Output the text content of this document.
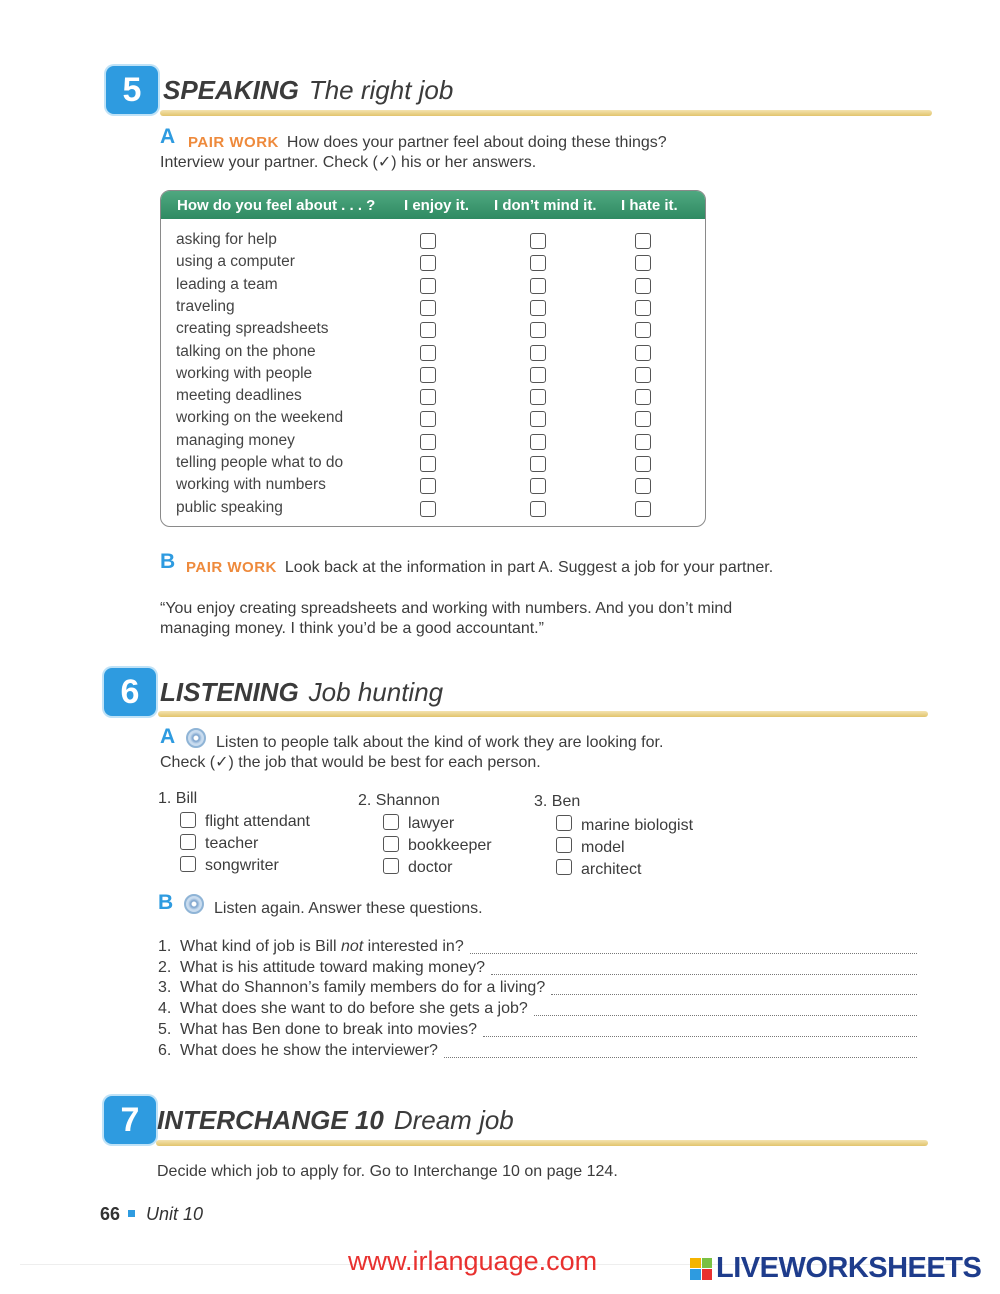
5 SPEAKING The right job
A PAIR WORK How does your partner feel about doing these things?
Interview your partner. Check (✓) his or her answers.
How do you feel about . . . ? I enjoy it. I don’t mind it. I hate it.
asking for help
using a computer
leading a team
traveling
creating spreadsheets
talking on the phone
working with people
meeting deadlines
working on the weekend
managing money
telling people what to do
working with numbers
public speaking
B PAIR WORK Look back at the information in part A. Suggest a job for your partner.
“You enjoy creating spreadsheets and working with numbers. And you don’t mind
managing money. I think you’d be a good accountant.”
6 LISTENING Job hunting
A	Listen to people talk about the kind of work they are looking for.
Check (✓) the job that would be best for each person.
1. Bill
flight attendant
teacher
songwriter
2. Shannon
lawyer
bookkeeper
doctor
3. Ben
marine biologist
model
architect
B	Listen again. Answer these questions.
1. What kind of job is Bill not interested in?
2. What is his attitude toward making money?
3. What do Shannon’s family members do for a living?
4. What does she want to do before she gets a job?
5. What has Ben done to break into movies?
6. What does he show the interviewer?
7 INTERCHANGE 10 Dream job
Decide which job to apply for. Go to Interchange 10 on page 124.
66 Unit 10
www.irlanguage.com	LIVEWORKSHEETS
